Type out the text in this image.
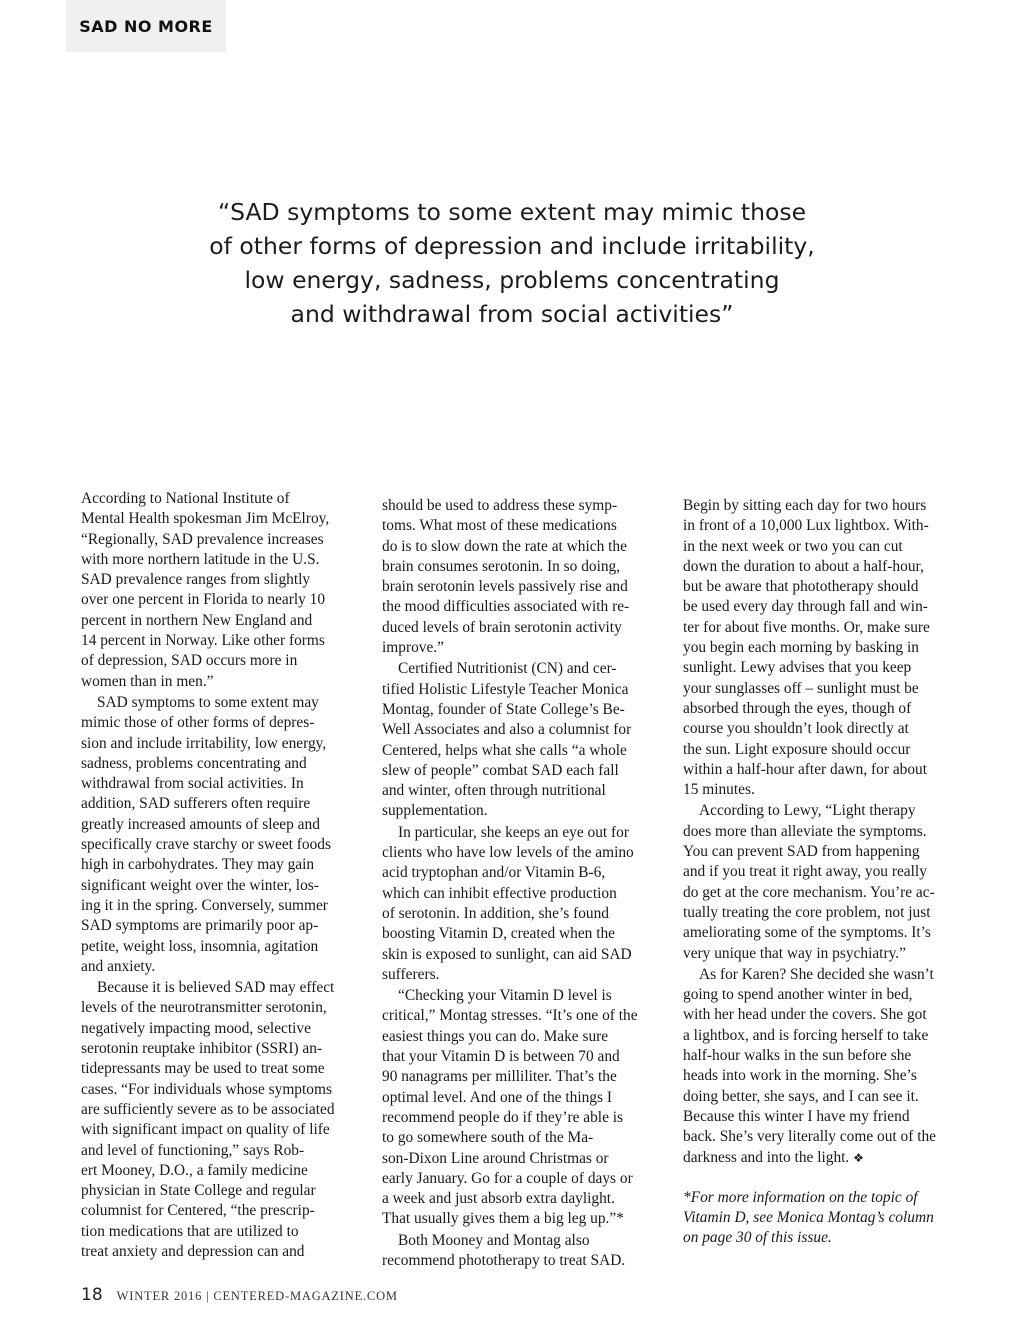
SAD NO MORE
“SAD symptoms to some extent may mimic those
of other forms of depression and include irritability,
low energy, sadness, problems concentrating
and withdrawal from social activities”
According to National Institute of
Mental Health spokesman Jim McElroy,
“Regionally, SAD prevalence increases
with more northern latitude in the U.S.
SAD prevalence ranges from slightly
over one percent in Florida to nearly 10
percent in northern New England and
14 percent in Norway. Like other forms
of depression, SAD occurs more in
women than in men.”
SAD symptoms to some extent may
mimic those of other forms of depres-
sion and include irritability, low energy,
sadness, problems concentrating and
withdrawal from social activities. In
addition, SAD sufferers often require
greatly increased amounts of sleep and
specifically crave starchy or sweet foods
high in carbohydrates. They may gain
significant weight over the winter, los-
ing it in the spring. Conversely, summer
SAD symptoms are primarily poor ap-
petite, weight loss, insomnia, agitation
and anxiety.
Because it is believed SAD may effect
levels of the neurotransmitter serotonin,
negatively impacting mood, selective
serotonin reuptake inhibitor (SSRI) an-
tidepressants may be used to treat some
cases. “For individuals whose symptoms
are sufficiently severe as to be associated
with significant impact on quality of life
and level of functioning,” says Rob-
ert Mooney, D.O., a family medicine
physician in State College and regular
columnist for Centered, “the prescrip-
tion medications that are utilized to
treat anxiety and depression can and
should be used to address these symp-
toms. What most of these medications
do is to slow down the rate at which the
brain consumes serotonin. In so doing,
brain serotonin levels passively rise and
the mood difficulties associated with re-
duced levels of brain serotonin activity
improve.”
Certified Nutritionist (CN) and cer-
tified Holistic Lifestyle Teacher Monica
Montag, founder of State College’s Be-
Well Associates and also a columnist for
Centered, helps what she calls “a whole
slew of people” combat SAD each fall
and winter, often through nutritional
supplementation.
In particular, she keeps an eye out for
clients who have low levels of the amino
acid tryptophan and/or Vitamin B-6,
which can inhibit effective production
of serotonin. In addition, she’s found
boosting Vitamin D, created when the
skin is exposed to sunlight, can aid SAD
sufferers.
“Checking your Vitamin D level is
critical,” Montag stresses. “It’s one of the
easiest things you can do. Make sure
that your Vitamin D is between 70 and
90 nanagrams per milliliter. That’s the
optimal level. And one of the things I
recommend people do if they’re able is
to go somewhere south of the Ma-
son-Dixon Line around Christmas or
early January. Go for a couple of days or
a week and just absorb extra daylight.
That usually gives them a big leg up.”*
Both Mooney and Montag also
recommend phototherapy to treat SAD.
Begin by sitting each day for two hours
in front of a 10,000 Lux lightbox. With-
in the next week or two you can cut
down the duration to about a half-hour,
but be aware that phototherapy should
be used every day through fall and win-
ter for about five months. Or, make sure
you begin each morning by basking in
sunlight. Lewy advises that you keep
your sunglasses off – sunlight must be
absorbed through the eyes, though of
course you shouldn’t look directly at
the sun. Light exposure should occur
within a half-hour after dawn, for about
15 minutes.
According to Lewy, “Light therapy
does more than alleviate the symptoms.
You can prevent SAD from happening
and if you treat it right away, you really
do get at the core mechanism. You’re ac-
tually treating the core problem, not just
ameliorating some of the symptoms. It’s
very unique that way in psychiatry.”
As for Karen? She decided she wasn’t
going to spend another winter in bed,
with her head under the covers. She got
a lightbox, and is forcing herself to take
half-hour walks in the sun before she
heads into work in the morning. She’s
doing better, she says, and I can see it.
Because this winter I have my friend
back. She’s very literally come out of the
darkness and into the light. ❖
*For more information on the topic of
Vitamin D, see Monica Montag’s column
on page 30 of this issue.
18 WINTER 2016 | CENTERED-MAGAZINE.COM
